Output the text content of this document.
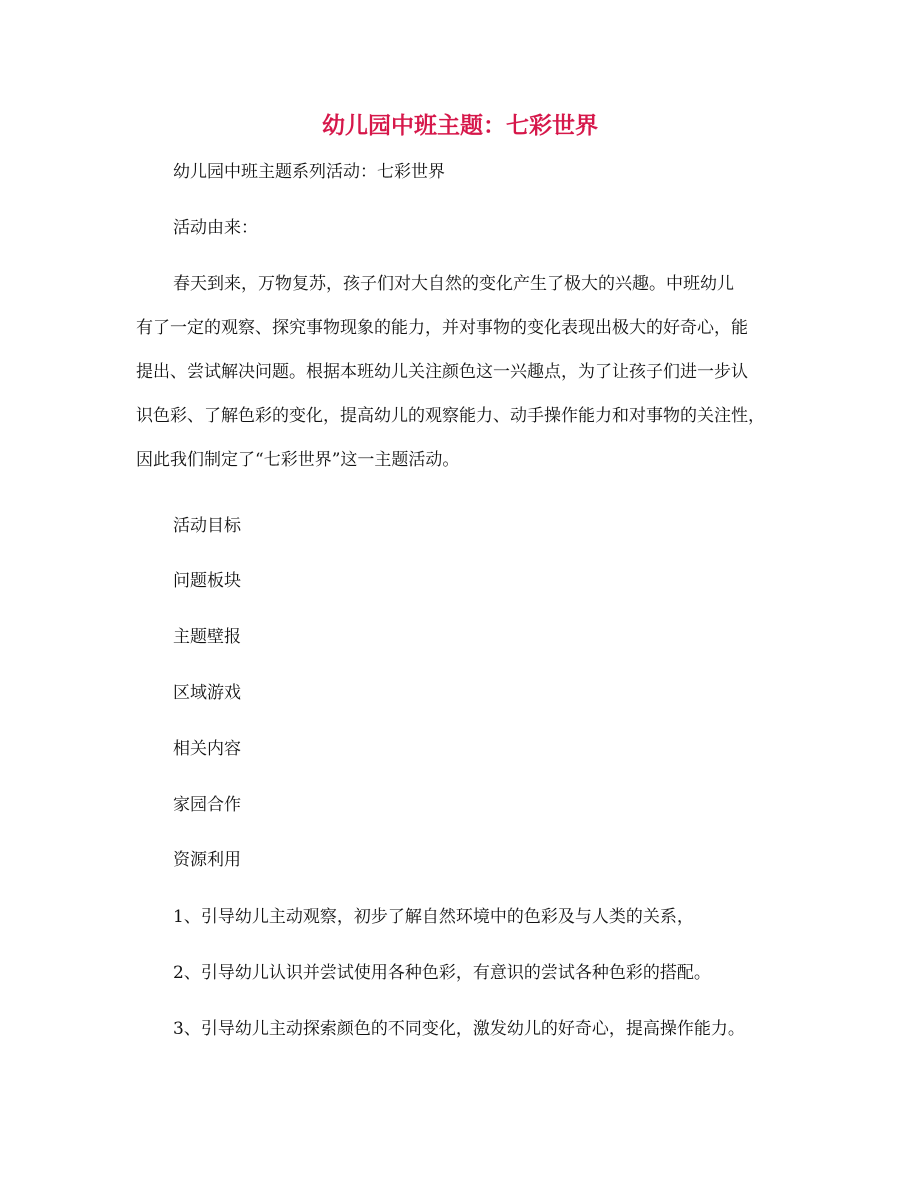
幼儿园中班主题：七彩世界

幼儿园中班主题系列活动：七彩世界

活动由来：

春天到来，万物复苏，孩子们对大自然的变化产生了极大的兴趣。中班幼儿

有了一定的观察、探究事物现象的能力，并对事物的变化表现出极大的好奇心，能

提出、尝试解决问题。根据本班幼儿关注颜色这一兴趣点，为了让孩子们进一步认

识色彩、了解色彩的变化，提高幼儿的观察能力、动手操作能力和对事物的关注性，

因此我们制定了“七彩世界”这一主题活动。

活动目标

问题板块

主题壁报

区域游戏

相关内容

家园合作

资源利用

1、引导幼儿主动观察，初步了解自然环境中的色彩及与人类的关系，

2、引导幼儿认识并尝试使用各种色彩，有意识的尝试各种色彩的搭配。

3、引导幼儿主动探索颜色的不同变化，激发幼儿的好奇心，提高操作能力。
